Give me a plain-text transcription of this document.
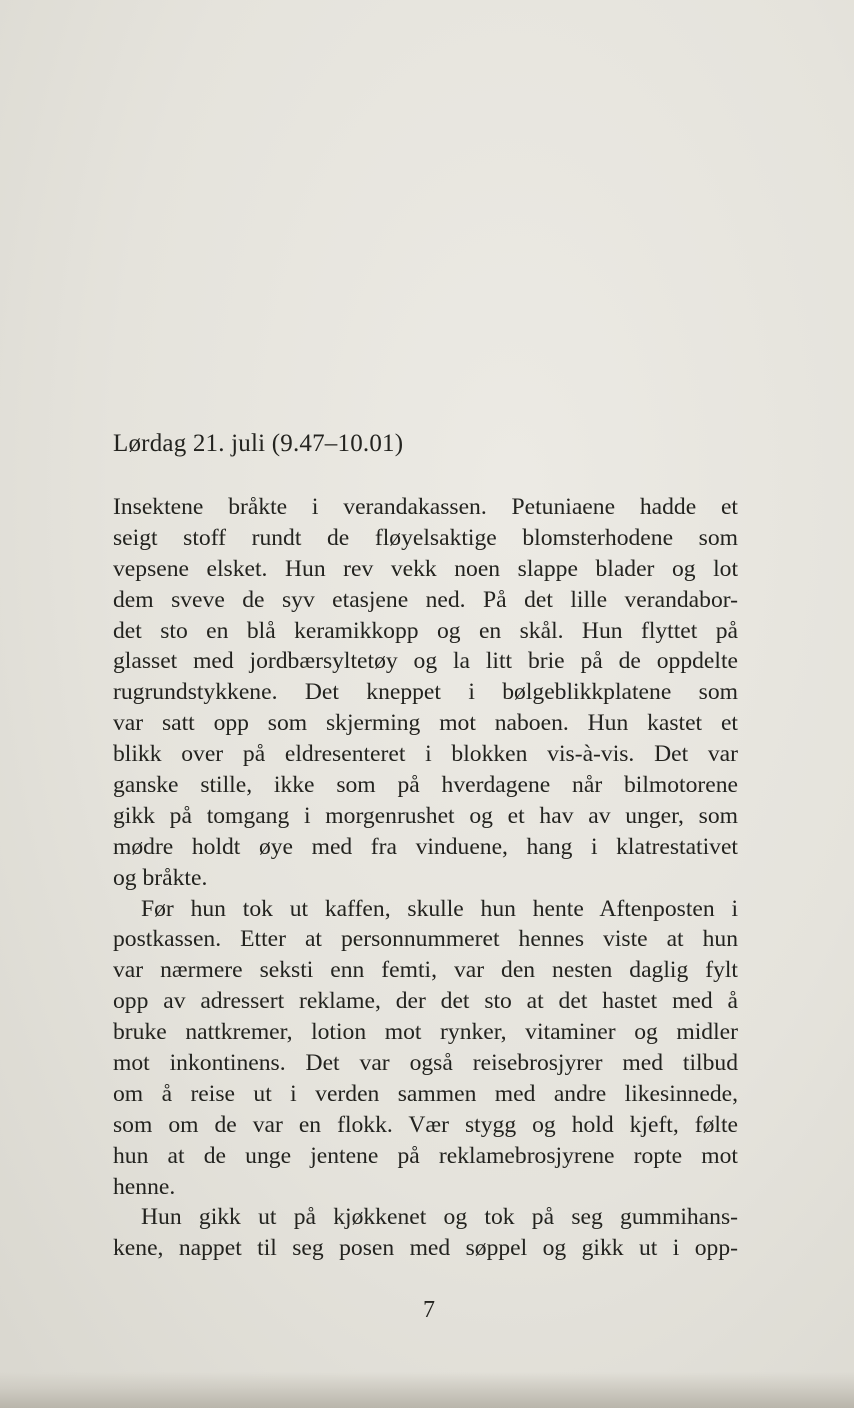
Lørdag 21. juli (9.47–10.01)
Insektene bråkte i verandakassen. Petuniaene hadde et
seigt stoff rundt de fløyelsaktige blomsterhodene som
vepsene elsket. Hun rev vekk noen slappe blader og lot
dem sveve de syv etasjene ned. På det lille verandabor-
det sto en blå keramikkopp og en skål. Hun flyttet på
glasset med jordbærsyltetøy og la litt brie på de oppdelte
rugrundstykkene. Det kneppet i bølgeblikkplatene som
var satt opp som skjerming mot naboen. Hun kastet et
blikk over på eldresenteret i blokken vis-à-vis. Det var
ganske stille, ikke som på hverdagene når bilmotorene
gikk på tomgang i morgenrushet og et hav av unger, som
mødre holdt øye med fra vinduene, hang i klatrestativet
og bråkte.
Før hun tok ut kaffen, skulle hun hente Aftenposten i
postkassen. Etter at personnummeret hennes viste at hun
var nærmere seksti enn femti, var den nesten daglig fylt
opp av adressert reklame, der det sto at det hastet med å
bruke nattkremer, lotion mot rynker, vitaminer og midler
mot inkontinens. Det var også reisebrosjyrer med tilbud
om å reise ut i verden sammen med andre likesinnede,
som om de var en flokk. Vær stygg og hold kjeft, følte
hun at de unge jentene på reklamebrosjyrene ropte mot
henne.
Hun gikk ut på kjøkkenet og tok på seg gummihans-
kene, nappet til seg posen med søppel og gikk ut i opp-
7
